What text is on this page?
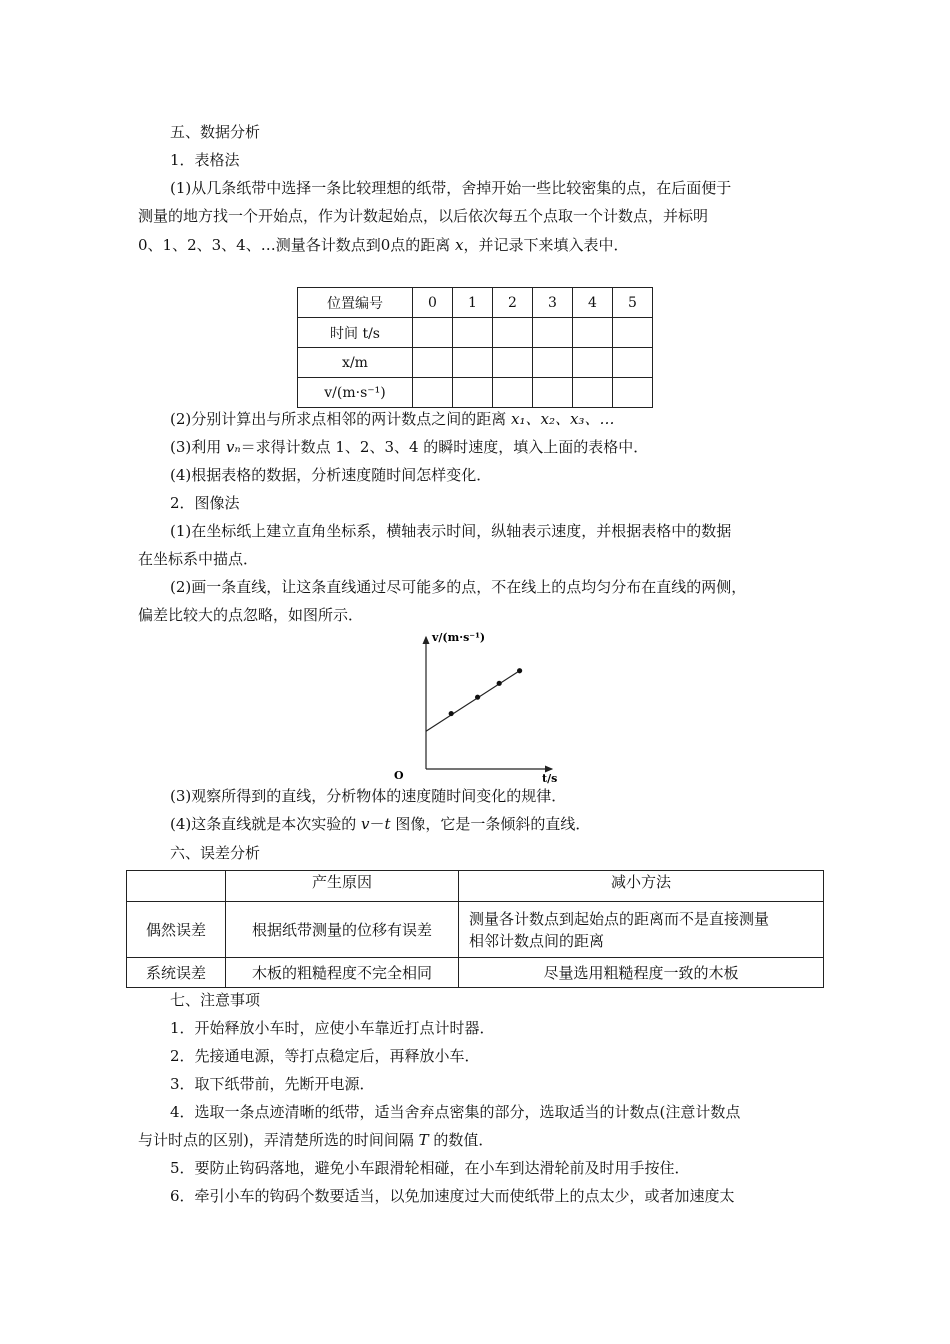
五、数据分析
1．表格法
(1)从几条纸带中选择一条比较理想的纸带，舍掉开始一些比较密集的点，在后面便于
测量的地方找一个开始点，作为计数起始点，以后依次每五个点取一个计数点，并标明
0、1、2、3、4、…测量各计数点到0点的距离 x，并记录下来填入表中．
位置编号	0	1	2	3	4	5
时间 t/s						
x/m						
v/(m·s⁻¹)						
(2)分别计算出与所求点相邻的两计数点之间的距离 x₁、x₂、x₃、…
(3)利用 vₙ＝求得计数点 1、2、3、4 的瞬时速度，填入上面的表格中．
(4)根据表格的数据，分析速度随时间怎样变化．
2．图像法
(1)在坐标纸上建立直角坐标系，横轴表示时间，纵轴表示速度，并根据表格中的数据
在坐标系中描点．
(2)画一条直线，让这条直线通过尽可能多的点，不在线上的点均匀分布在直线的两侧，
偏差比较大的点忽略，如图所示．
v/(m·s⁻¹)
t/s
O
(3)观察所得到的直线，分析物体的速度随时间变化的规律．
(4)这条直线就是本次实验的 v－t 图像，它是一条倾斜的直线．
六、误差分析
	产生原因	减小方法
偶然误差	根据纸带测量的位移有误差	测量各计数点到起始点的距离而不是直接测量
相邻计数点间的距离

系统误差	木板的粗糙程度不完全相同	尽量选用粗糙程度一致的木板
七、注意事项
1．开始释放小车时，应使小车靠近打点计时器．
2．先接通电源，等打点稳定后，再释放小车．
3．取下纸带前，先断开电源．
4．选取一条点迹清晰的纸带，适当舍弃点密集的部分，选取适当的计数点(注意计数点
与计时点的区别)，弄清楚所选的时间间隔 T 的数值．
5．要防止钩码落地，避免小车跟滑轮相碰，在小车到达滑轮前及时用手按住．
6．牵引小车的钩码个数要适当，以免加速度过大而使纸带上的点太少，或者加速度太
